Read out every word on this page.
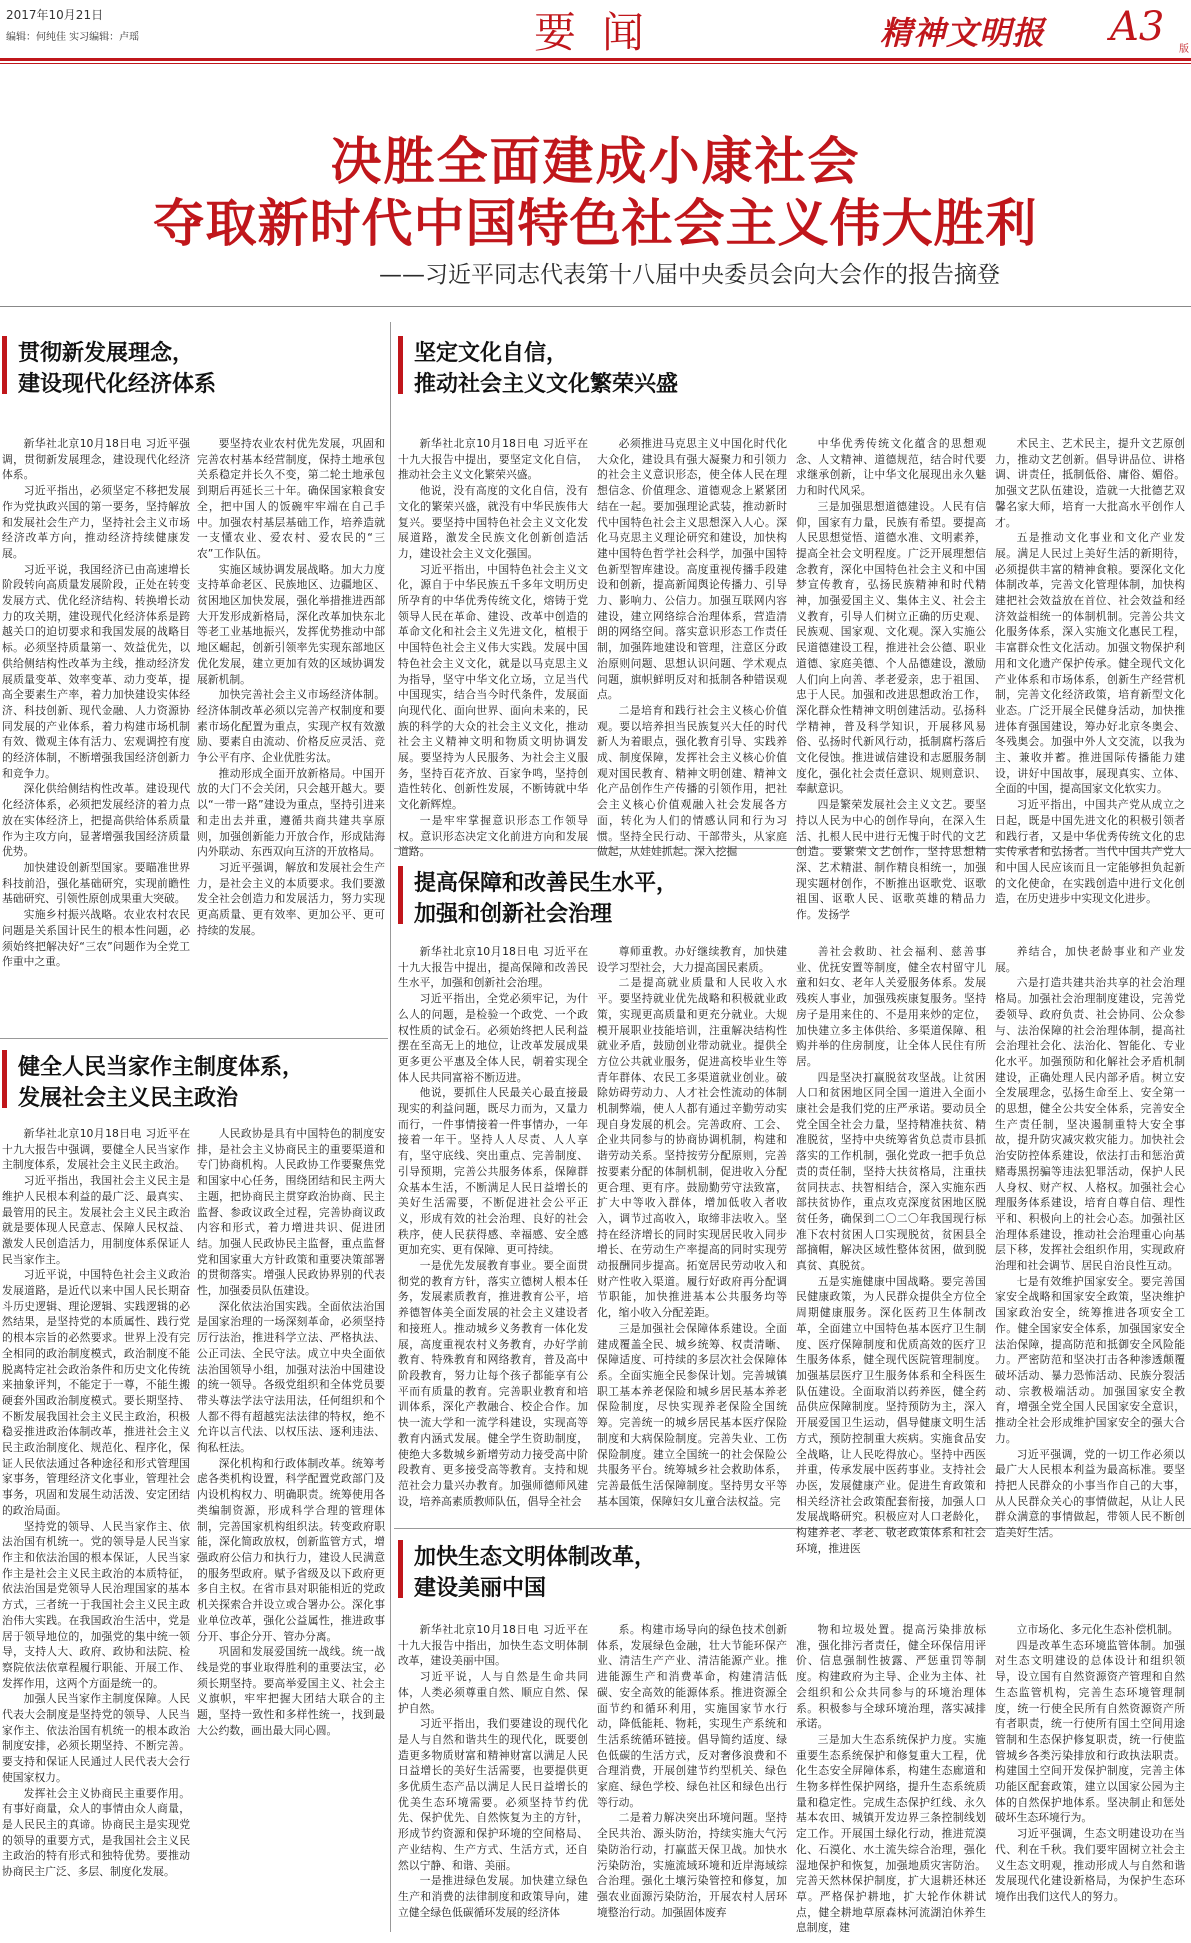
2017年10月21日
编辑：何纯佳 实习编辑：卢瑶	要闻	精神文明报 A3 版
决胜全面建成小康社会
夺取新时代中国特色社会主义伟大胜利
——习近平同志代表第十八届中央委员会向大会作的报告摘登
贯彻新发展理念，
建设现代化经济体系

新华社北京10月18日电 习近平强调，贯彻新发展理念，建设现代化经济体系。

习近平指出，必须坚定不移把发展作为党执政兴国的第一要务，坚持解放和发展社会生产力，坚持社会主义市场经济改革方向，推动经济持续健康发展。

习近平说，我国经济已由高速增长阶段转向高质量发展阶段，正处在转变发展方式、优化经济结构、转换增长动力的攻关期，建设现代化经济体系是跨越关口的迫切要求和我国发展的战略目标。必须坚持质量第一、效益优先，以供给侧结构性改革为主线，推动经济发展质量变革、效率变革、动力变革，提高全要素生产率，着力加快建设实体经济、科技创新、现代金融、人力资源协同发展的产业体系，着力构建市场机制有效、微观主体有活力、宏观调控有度的经济体制，不断增强我国经济创新力和竞争力。

深化供给侧结构性改革。建设现代化经济体系，必须把发展经济的着力点放在实体经济上，把提高供给体系质量作为主攻方向，显著增强我国经济质量优势。

加快建设创新型国家。要瞄准世界科技前沿，强化基础研究，实现前瞻性基础研究、引领性原创成果重大突破。

实施乡村振兴战略。农业农村农民问题是关系国计民生的根本性问题，必须始终把解决好“三农”问题作为全党工作重中之重。

要坚持农业农村优先发展，巩固和完善农村基本经营制度，保持土地承包关系稳定并长久不变，第二轮土地承包到期后再延长三十年。确保国家粮食安全，把中国人的饭碗牢牢端在自己手中。加强农村基层基础工作，培养造就一支懂农业、爱农村、爱农民的“三农”工作队伍。

实施区域协调发展战略。加大力度支持革命老区、民族地区、边疆地区、贫困地区加快发展，强化举措推进西部大开发形成新格局，深化改革加快东北等老工业基地振兴，发挥优势推动中部地区崛起，创新引领率先实现东部地区优化发展，建立更加有效的区域协调发展新机制。

加快完善社会主义市场经济体制。经济体制改革必须以完善产权制度和要素市场化配置为重点，实现产权有效激励、要素自由流动、价格反应灵活、竞争公平有序、企业优胜劣汰。

推动形成全面开放新格局。中国开放的大门不会关闭，只会越开越大。要以“一带一路”建设为重点，坚持引进来和走出去并重，遵循共商共建共享原则，加强创新能力开放合作，形成陆海内外联动、东西双向互济的开放格局。

习近平强调，解放和发展社会生产力，是社会主义的本质要求。我们要激发全社会创造力和发展活力，努力实现更高质量、更有效率、更加公平、更可持续的发展。

健全人民当家作主制度体系，
发展社会主义民主政治

新华社北京10月18日电 习近平在十九大报告中强调，要健全人民当家作主制度体系，发展社会主义民主政治。

习近平指出，我国社会主义民主是维护人民根本利益的最广泛、最真实、最管用的民主。发展社会主义民主政治就是要体现人民意志、保障人民权益、激发人民创造活力，用制度体系保证人民当家作主。

习近平说，中国特色社会主义政治发展道路，是近代以来中国人民长期奋斗历史逻辑、理论逻辑、实践逻辑的必然结果，是坚持党的本质属性、践行党的根本宗旨的必然要求。世界上没有完全相同的政治制度模式，政治制度不能脱离特定社会政治条件和历史文化传统来抽象评判，不能定于一尊，不能生搬硬套外国政治制度模式。要长期坚持、不断发展我国社会主义民主政治，积极稳妥推进政治体制改革，推进社会主义民主政治制度化、规范化、程序化，保证人民依法通过各种途径和形式管理国家事务，管理经济文化事业，管理社会事务，巩固和发展生动活泼、安定团结的政治局面。

坚持党的领导、人民当家作主、依法治国有机统一。党的领导是人民当家作主和依法治国的根本保证，人民当家作主是社会主义民主政治的本质特征，依法治国是党领导人民治理国家的基本方式，三者统一于我国社会主义民主政治伟大实践。在我国政治生活中，党是居于领导地位的，加强党的集中统一领导，支持人大、政府、政协和法院、检察院依法依章程履行职能、开展工作、发挥作用，这两个方面是统一的。

加强人民当家作主制度保障。人民代表大会制度是坚持党的领导、人民当家作主、依法治国有机统一的根本政治制度安排，必须长期坚持、不断完善。要支持和保证人民通过人民代表大会行使国家权力。

发挥社会主义协商民主重要作用。有事好商量，众人的事情由众人商量，是人民民主的真谛。协商民主是实现党的领导的重要方式，是我国社会主义民主政治的特有形式和独特优势。要推动协商民主广泛、多层、制度化发展。

人民政协是具有中国特色的制度安排，是社会主义协商民主的重要渠道和专门协商机构。人民政协工作要聚焦党和国家中心任务，围绕团结和民主两大主题，把协商民主贯穿政治协商、民主监督、参政议政全过程，完善协商议政内容和形式，着力增进共识、促进团结。加强人民政协民主监督，重点监督党和国家重大方针政策和重要决策部署的贯彻落实。增强人民政协界别的代表性，加强委员队伍建设。

深化依法治国实践。全面依法治国是国家治理的一场深刻革命，必须坚持厉行法治，推进科学立法、严格执法、公正司法、全民守法。成立中央全面依法治国领导小组，加强对法治中国建设的统一领导。各级党组织和全体党员要带头尊法学法守法用法，任何组织和个人都不得有超越宪法法律的特权，绝不允许以言代法、以权压法、逐利违法、徇私枉法。

深化机构和行政体制改革。统筹考虑各类机构设置，科学配置党政部门及内设机构权力、明确职责。统筹使用各类编制资源，形成科学合理的管理体制，完善国家机构组织法。转变政府职能，深化简政放权，创新监管方式，增强政府公信力和执行力，建设人民满意的服务型政府。赋予省级及以下政府更多自主权。在省市县对职能相近的党政机关探索合并设立或合署办公。深化事业单位改革，强化公益属性，推进政事分开、事企分开、管办分离。

巩固和发展爱国统一战线。统一战线是党的事业取得胜利的重要法宝，必须长期坚持。要高举爱国主义、社会主义旗帜，牢牢把握大团结大联合的主题，坚持一致性和多样性统一，找到最大公约数，画出最大同心圆。

坚定文化自信，
推动社会主义文化繁荣兴盛

新华社北京10月18日电 习近平在十九大报告中提出，要坚定文化自信，推动社会主义文化繁荣兴盛。

他说，没有高度的文化自信，没有文化的繁荣兴盛，就没有中华民族伟大复兴。要坚持中国特色社会主义文化发展道路，激发全民族文化创新创造活力，建设社会主义文化强国。

习近平指出，中国特色社会主义文化，源自于中华民族五千多年文明历史所孕育的中华优秀传统文化，熔铸于党领导人民在革命、建设、改革中创造的革命文化和社会主义先进文化，植根于中国特色社会主义伟大实践。发展中国特色社会主义文化，就是以马克思主义为指导，坚守中华文化立场，立足当代中国现实，结合当今时代条件，发展面向现代化、面向世界、面向未来的，民族的科学的大众的社会主义文化，推动社会主义精神文明和物质文明协调发展。要坚持为人民服务、为社会主义服务，坚持百花齐放、百家争鸣，坚持创造性转化、创新性发展，不断铸就中华文化新辉煌。

一是牢牢掌握意识形态工作领导权。意识形态决定文化前进方向和发展道路。

必须推进马克思主义中国化时代化大众化，建设具有强大凝聚力和引领力的社会主义意识形态，使全体人民在理想信念、价值理念、道德观念上紧紧团结在一起。要加强理论武装，推动新时代中国特色社会主义思想深入人心。深化马克思主义理论研究和建设，加快构建中国特色哲学社会科学，加强中国特色新型智库建设。高度重视传播手段建设和创新，提高新闻舆论传播力、引导力、影响力、公信力。加强互联网内容建设，建立网络综合治理体系，营造清朗的网络空间。落实意识形态工作责任制，加强阵地建设和管理，注意区分政治原则问题、思想认识问题、学术观点问题，旗帜鲜明反对和抵制各种错误观点。

二是培育和践行社会主义核心价值观。要以培养担当民族复兴大任的时代新人为着眼点，强化教育引导、实践养成、制度保障，发挥社会主义核心价值观对国民教育、精神文明创建、精神文化产品创作生产传播的引领作用，把社会主义核心价值观融入社会发展各方面，转化为人们的情感认同和行为习惯。坚持全民行动、干部带头，从家庭做起，从娃娃抓起。深入挖掘

中华优秀传统文化蕴含的思想观念、人文精神、道德规范，结合时代要求继承创新，让中华文化展现出永久魅力和时代风采。

三是加强思想道德建设。人民有信仰，国家有力量，民族有希望。要提高人民思想觉悟、道德水准、文明素养，提高全社会文明程度。广泛开展理想信念教育，深化中国特色社会主义和中国梦宣传教育，弘扬民族精神和时代精神，加强爱国主义、集体主义、社会主义教育，引导人们树立正确的历史观、民族观、国家观、文化观。深入实施公民道德建设工程，推进社会公德、职业道德、家庭美德、个人品德建设，激励人们向上向善、孝老爱亲，忠于祖国、忠于人民。加强和改进思想政治工作，深化群众性精神文明创建活动。弘扬科学精神，普及科学知识，开展移风易俗、弘扬时代新风行动，抵制腐朽落后文化侵蚀。推进诚信建设和志愿服务制度化，强化社会责任意识、规则意识、奉献意识。

四是繁荣发展社会主义文艺。要坚持以人民为中心的创作导向，在深入生活、扎根人民中进行无愧于时代的文艺创造。要繁荣文艺创作，坚持思想精深、艺术精湛、制作精良相统一，加强现实题材创作，不断推出讴歌党、讴歌祖国、讴歌人民、讴歌英雄的精品力作。发扬学

术民主、艺术民主，提升文艺原创力，推动文艺创新。倡导讲品位、讲格调、讲责任，抵制低俗、庸俗、媚俗。加强文艺队伍建设，造就一大批德艺双馨名家大师，培育一大批高水平创作人才。

五是推动文化事业和文化产业发展。满足人民过上美好生活的新期待，必须提供丰富的精神食粮。要深化文化体制改革，完善文化管理体制，加快构建把社会效益放在首位、社会效益和经济效益相统一的体制机制。完善公共文化服务体系，深入实施文化惠民工程，丰富群众性文化活动。加强文物保护利用和文化遗产保护传承。健全现代文化产业体系和市场体系，创新生产经营机制，完善文化经济政策，培育新型文化业态。广泛开展全民健身活动，加快推进体育强国建设，筹办好北京冬奥会、冬残奥会。加强中外人文交流，以我为主、兼收并蓄。推进国际传播能力建设，讲好中国故事，展现真实、立体、全面的中国，提高国家文化软实力。

习近平指出，中国共产党从成立之日起，既是中国先进文化的积极引领者和践行者，又是中华优秀传统文化的忠实传承者和弘扬者。当代中国共产党人和中国人民应该而且一定能够担负起新的文化使命，在实践创造中进行文化创造，在历史进步中实现文化进步。

提高保障和改善民生水平，
加强和创新社会治理

新华社北京10月18日电 习近平在十九大报告中提出，提高保障和改善民生水平，加强和创新社会治理。

习近平指出，全党必须牢记，为什么人的问题，是检验一个政党、一个政权性质的试金石。必须始终把人民利益摆在至高无上的地位，让改革发展成果更多更公平惠及全体人民，朝着实现全体人民共同富裕不断迈进。

他说，要抓住人民最关心最直接最现实的利益问题，既尽力而为，又量力而行，一件事情接着一件事情办，一年接着一年干。坚持人人尽责、人人享有，坚守底线、突出重点、完善制度、引导预期，完善公共服务体系，保障群众基本生活，不断满足人民日益增长的美好生活需要，不断促进社会公平正义，形成有效的社会治理、良好的社会秩序，使人民获得感、幸福感、安全感更加充实、更有保障、更可持续。

一是优先发展教育事业。要全面贯彻党的教育方针，落实立德树人根本任务，发展素质教育，推进教育公平，培养德智体美全面发展的社会主义建设者和接班人。推动城乡义务教育一体化发展，高度重视农村义务教育，办好学前教育、特殊教育和网络教育，普及高中阶段教育，努力让每个孩子都能享有公平而有质量的教育。完善职业教育和培训体系，深化产教融合、校企合作。加快一流大学和一流学科建设，实现高等教育内涵式发展。健全学生资助制度，使绝大多数城乡新增劳动力接受高中阶段教育、更多接受高等教育。支持和规范社会力量兴办教育。加强师德师风建设，培养高素质教师队伍，倡导全社会

尊师重教。办好继续教育，加快建设学习型社会，大力提高国民素质。

二是提高就业质量和人民收入水平。要坚持就业优先战略和积极就业政策，实现更高质量和更充分就业。大规模开展职业技能培训，注重解决结构性就业矛盾，鼓励创业带动就业。提供全方位公共就业服务，促进高校毕业生等青年群体、农民工多渠道就业创业。破除妨碍劳动力、人才社会性流动的体制机制弊端，使人人都有通过辛勤劳动实现自身发展的机会。完善政府、工会、企业共同参与的协商协调机制，构建和谐劳动关系。坚持按劳分配原则，完善按要素分配的体制机制，促进收入分配更合理、更有序。鼓励勤劳守法致富，扩大中等收入群体，增加低收入者收入，调节过高收入，取缔非法收入。坚持在经济增长的同时实现居民收入同步增长、在劳动生产率提高的同时实现劳动报酬同步提高。拓宽居民劳动收入和财产性收入渠道。履行好政府再分配调节职能，加快推进基本公共服务均等化，缩小收入分配差距。

三是加强社会保障体系建设。全面建成覆盖全民、城乡统筹、权责清晰、保障适度、可持续的多层次社会保障体系。全面实施全民参保计划。完善城镇职工基本养老保险和城乡居民基本养老保险制度，尽快实现养老保险全国统筹。完善统一的城乡居民基本医疗保险制度和大病保险制度。完善失业、工伤保险制度。建立全国统一的社会保险公共服务平台。统筹城乡社会救助体系，完善最低生活保障制度。坚持男女平等基本国策，保障妇女儿童合法权益。完

善社会救助、社会福利、慈善事业、优抚安置等制度，健全农村留守儿童和妇女、老年人关爱服务体系。发展残疾人事业，加强残疾康复服务。坚持房子是用来住的、不是用来炒的定位，加快建立多主体供给、多渠道保障、租购并举的住房制度，让全体人民住有所居。

四是坚决打赢脱贫攻坚战。让贫困人口和贫困地区同全国一道进入全面小康社会是我们党的庄严承诺。要动员全党全国全社会力量，坚持精准扶贫、精准脱贫，坚持中央统筹省负总责市县抓落实的工作机制，强化党政一把手负总责的责任制，坚持大扶贫格局，注重扶贫同扶志、扶智相结合，深入实施东西部扶贫协作，重点攻克深度贫困地区脱贫任务，确保到二〇二〇年我国现行标准下农村贫困人口实现脱贫，贫困县全部摘帽，解决区域性整体贫困，做到脱真贫、真脱贫。

五是实施健康中国战略。要完善国民健康政策，为人民群众提供全方位全周期健康服务。深化医药卫生体制改革，全面建立中国特色基本医疗卫生制度、医疗保障制度和优质高效的医疗卫生服务体系，健全现代医院管理制度。加强基层医疗卫生服务体系和全科医生队伍建设。全面取消以药养医，健全药品供应保障制度。坚持预防为主，深入开展爱国卫生运动，倡导健康文明生活方式，预防控制重大疾病。实施食品安全战略，让人民吃得放心。坚持中西医并重，传承发展中医药事业。支持社会办医，发展健康产业。促进生育政策和相关经济社会政策配套衔接，加强人口发展战略研究。积极应对人口老龄化，构建养老、孝老、敬老政策体系和社会环境，推进医

养结合，加快老龄事业和产业发展。

六是打造共建共治共享的社会治理格局。加强社会治理制度建设，完善党委领导、政府负责、社会协同、公众参与、法治保障的社会治理体制，提高社会治理社会化、法治化、智能化、专业化水平。加强预防和化解社会矛盾机制建设，正确处理人民内部矛盾。树立安全发展理念，弘扬生命至上、安全第一的思想，健全公共安全体系，完善安全生产责任制，坚决遏制重特大安全事故，提升防灾减灾救灾能力。加快社会治安防控体系建设，依法打击和惩治黄赌毒黑拐骗等违法犯罪活动，保护人民人身权、财产权、人格权。加强社会心理服务体系建设，培育自尊自信、理性平和、积极向上的社会心态。加强社区治理体系建设，推动社会治理重心向基层下移，发挥社会组织作用，实现政府治理和社会调节、居民自治良性互动。

七是有效维护国家安全。要完善国家安全战略和国家安全政策，坚决维护国家政治安全，统筹推进各项安全工作。健全国家安全体系，加强国家安全法治保障，提高防范和抵御安全风险能力。严密防范和坚决打击各种渗透颠覆破坏活动、暴力恐怖活动、民族分裂活动、宗教极端活动。加强国家安全教育，增强全党全国人民国家安全意识，推动全社会形成维护国家安全的强大合力。

习近平强调，党的一切工作必须以最广大人民根本利益为最高标准。要坚持把人民群众的小事当作自己的大事，从人民群众关心的事情做起，从让人民群众满意的事情做起，带领人民不断创造美好生活。

加快生态文明体制改革，
建设美丽中国

新华社北京10月18日电 习近平在十九大报告中指出，加快生态文明体制改革，建设美丽中国。

习近平说，人与自然是生命共同体，人类必须尊重自然、顺应自然、保护自然。

习近平指出，我们要建设的现代化是人与自然和谐共生的现代化，既要创造更多物质财富和精神财富以满足人民日益增长的美好生活需要，也要提供更多优质生态产品以满足人民日益增长的优美生态环境需要。必须坚持节约优先、保护优先、自然恢复为主的方针，形成节约资源和保护环境的空间格局、产业结构、生产方式、生活方式，还自然以宁静、和谐、美丽。

一是推进绿色发展。加快建立绿色生产和消费的法律制度和政策导向，建立健全绿色低碳循环发展的经济体

系。构建市场导向的绿色技术创新体系，发展绿色金融，壮大节能环保产业、清洁生产产业、清洁能源产业。推进能源生产和消费革命，构建清洁低碳、安全高效的能源体系。推进资源全面节约和循环利用，实施国家节水行动，降低能耗、物耗，实现生产系统和生活系统循环链接。倡导简约适度、绿色低碳的生活方式，反对奢侈浪费和不合理消费，开展创建节约型机关、绿色家庭、绿色学校、绿色社区和绿色出行等行动。

二是着力解决突出环境问题。坚持全民共治、源头防治，持续实施大气污染防治行动，打赢蓝天保卫战。加快水污染防治，实施流域环境和近岸海域综合治理。强化土壤污染管控和修复，加强农业面源污染防治，开展农村人居环境整治行动。加强固体废弃

物和垃圾处置。提高污染排放标准，强化排污者责任，健全环保信用评价、信息强制性披露、严惩重罚等制度。构建政府为主导、企业为主体、社会组织和公众共同参与的环境治理体系。积极参与全球环境治理，落实减排承诺。

三是加大生态系统保护力度。实施重要生态系统保护和修复重大工程，优化生态安全屏障体系，构建生态廊道和生物多样性保护网络，提升生态系统质量和稳定性。完成生态保护红线、永久基本农田、城镇开发边界三条控制线划定工作。开展国土绿化行动，推进荒漠化、石漠化、水土流失综合治理，强化湿地保护和恢复，加强地质灾害防治。完善天然林保护制度，扩大退耕还林还草。严格保护耕地，扩大轮作休耕试点，健全耕地草原森林河流湖泊休养生息制度，建

立市场化、多元化生态补偿机制。

四是改革生态环境监管体制。加强对生态文明建设的总体设计和组织领导，设立国有自然资源资产管理和自然生态监管机构，完善生态环境管理制度，统一行使全民所有自然资源资产所有者职责，统一行使所有国土空间用途管制和生态保护修复职责，统一行使监管城乡各类污染排放和行政执法职责。构建国土空间开发保护制度，完善主体功能区配套政策，建立以国家公园为主体的自然保护地体系。坚决制止和惩处破坏生态环境行为。

习近平强调，生态文明建设功在当代、利在千秋。我们要牢固树立社会主义生态文明观，推动形成人与自然和谐发展现代化建设新格局，为保护生态环境作出我们这代人的努力。
